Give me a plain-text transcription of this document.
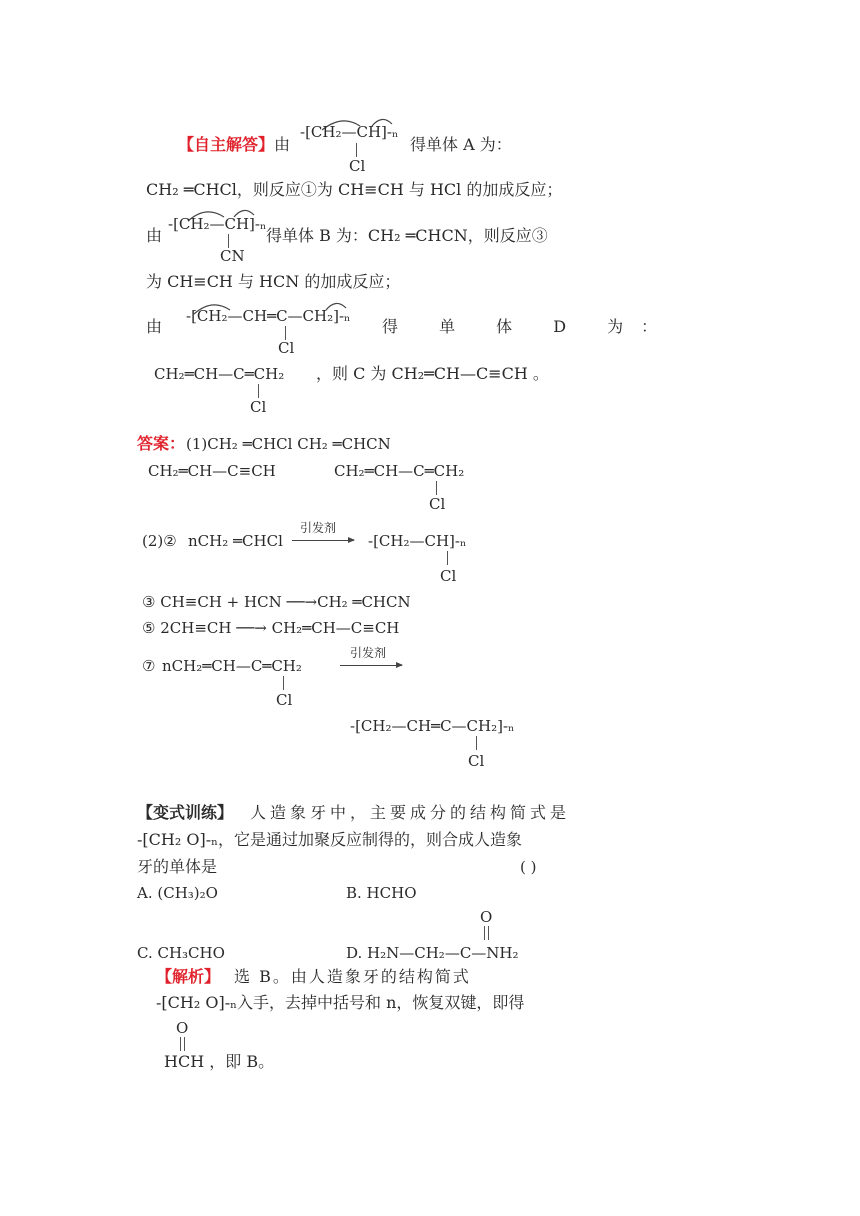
【自主解答】 由
-[CH₂—CH]-ₙ
Cl
得单体 A 为：
CH₂ ═CHCl，则反应①为 CH≡CH 与 HCl 的加成反应；
由
-[CH₂—CH]-ₙ
CN
得单体 B 为：CH₂ ═CHCN，则反应③
为 CH≡CH 与 HCN 的加成反应；
由
-[CH₂—CH═C—CH₂]-ₙ
Cl
得 单 体 D 为：
CH₂═CH—C═CH₂
Cl
，则 C 为 CH₂═CH—C≡CH 。
答案： (1)CH₂ ═CHCl CH₂ ═CHCN
CH₂═CH—C≡CH	CH₂═CH—C═CH₂
Cl
(2)② nCH₂ ═CHCl
引发剂
→ -[CH₂—CH]-ₙ
Cl
③ CH≡CH + HCN ──→CH₂ ═CHCN
⑤ 2CH≡CH ──→ CH₂═CH—C≡CH
⑦ nCH₂═CH—C═CH₂
Cl
引发剂
-[CH₂—CH═C—CH₂]-ₙ
Cl
【变式训练】 人造象牙中，主要成分的结构简式是
-[CH₂ O]-ₙ，它是通过加聚反应制得的，则合成人造象
牙的单体是	( )
A. (CH₃)₂O	B. HCHO
O
C. CH₃CHO	D. H₂N—CH₂—C—NH₂
【解析】 选 B。由人造象牙的结构简式
-[CH₂ O]-ₙ入手，去掉中括号和 n，恢复双键，即得
O
HCH ，即 B。
